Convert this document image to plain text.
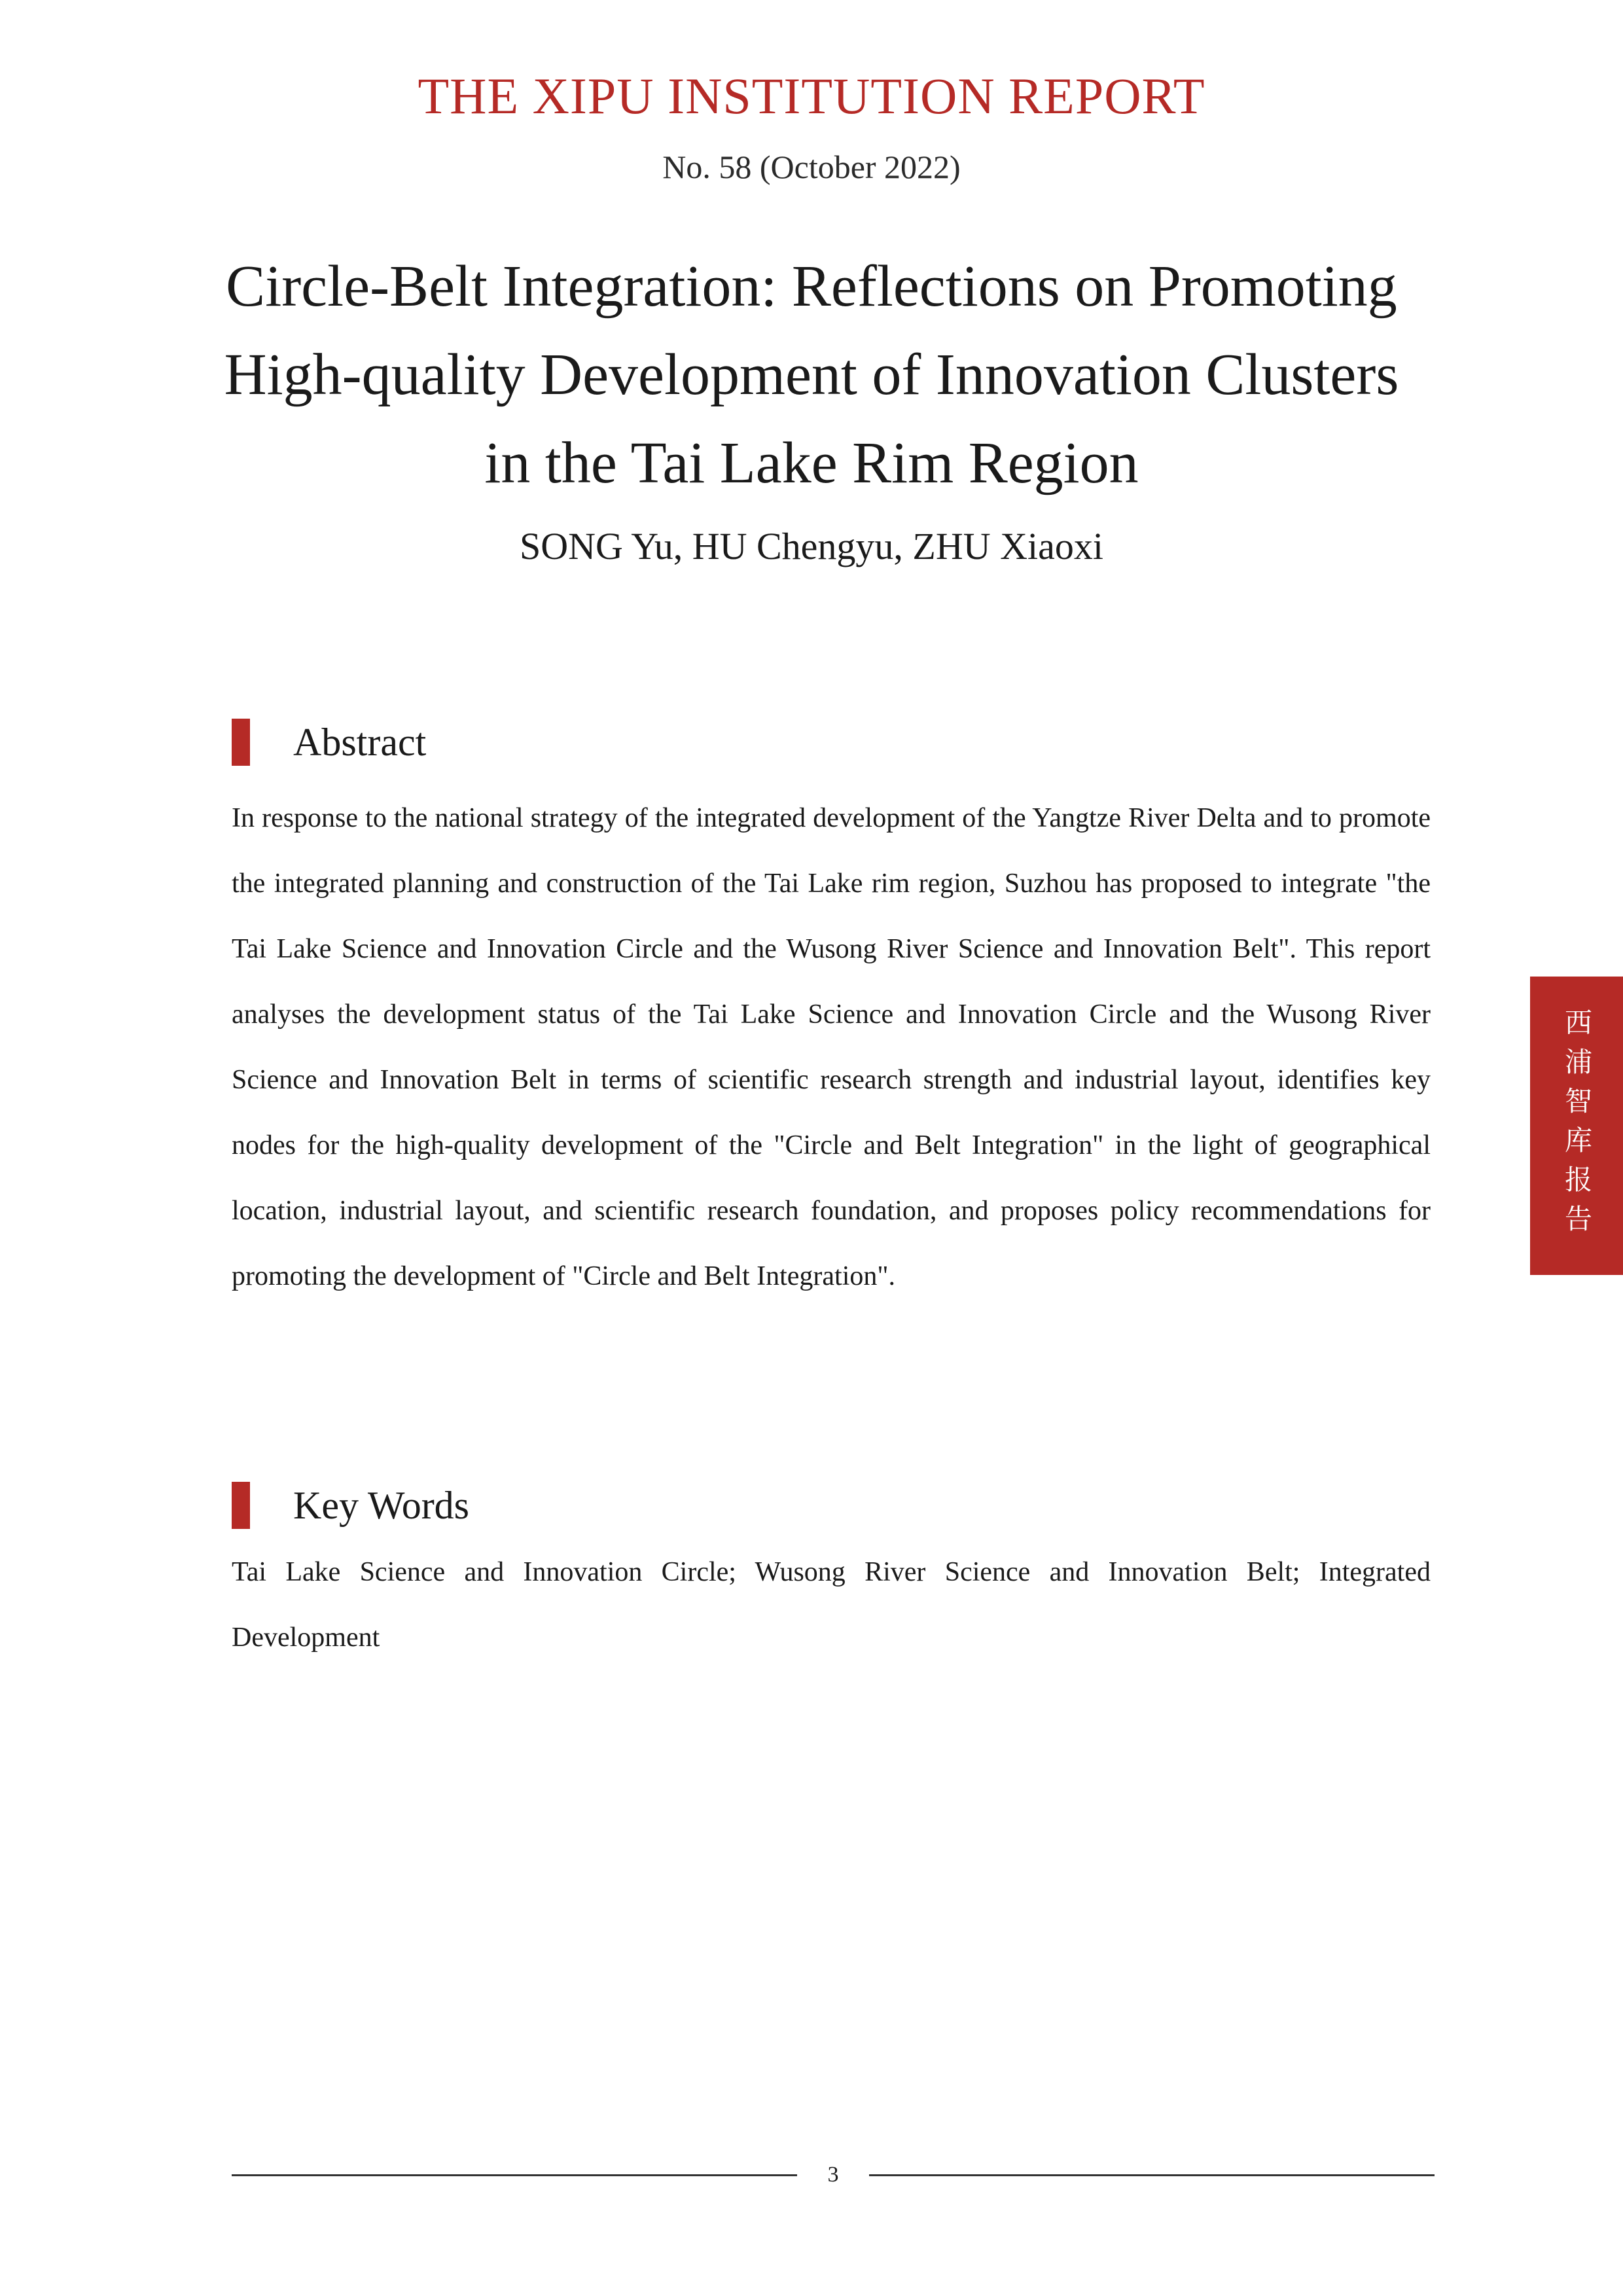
THE XIPU INSTITUTION REPORT
No. 58 (October 2022)
Circle-Belt Integration: Reflections on Promoting
High-quality Development of Innovation Clusters
in the Tai Lake Rim Region
SONG Yu, HU Chengyu, ZHU Xiaoxi
Abstract

In response to the national strategy of the integrated development of the Yangtze River Delta and to promote the integrated planning and construction of the Tai Lake rim region, Suzhou has proposed to integrate "the Tai Lake Science and Innovation Circle and the Wusong River Science and Innovation Belt". This report analyses the development status of the Tai Lake Science and Innovation Circle and the Wusong River Science and Innovation Belt in terms of scientific research strength and industrial layout, identifies key nodes for the high-quality development of the "Circle and Belt Integration" in the light of geographical location, industrial layout, and scientific research foundation, and proposes policy recommendations for promoting the development of "Circle and Belt Integration".

Key Words

Tai Lake Science and Innovation Circle; Wusong River Science and Innovation Belt; Integrated Development

西浦智库报告
3
